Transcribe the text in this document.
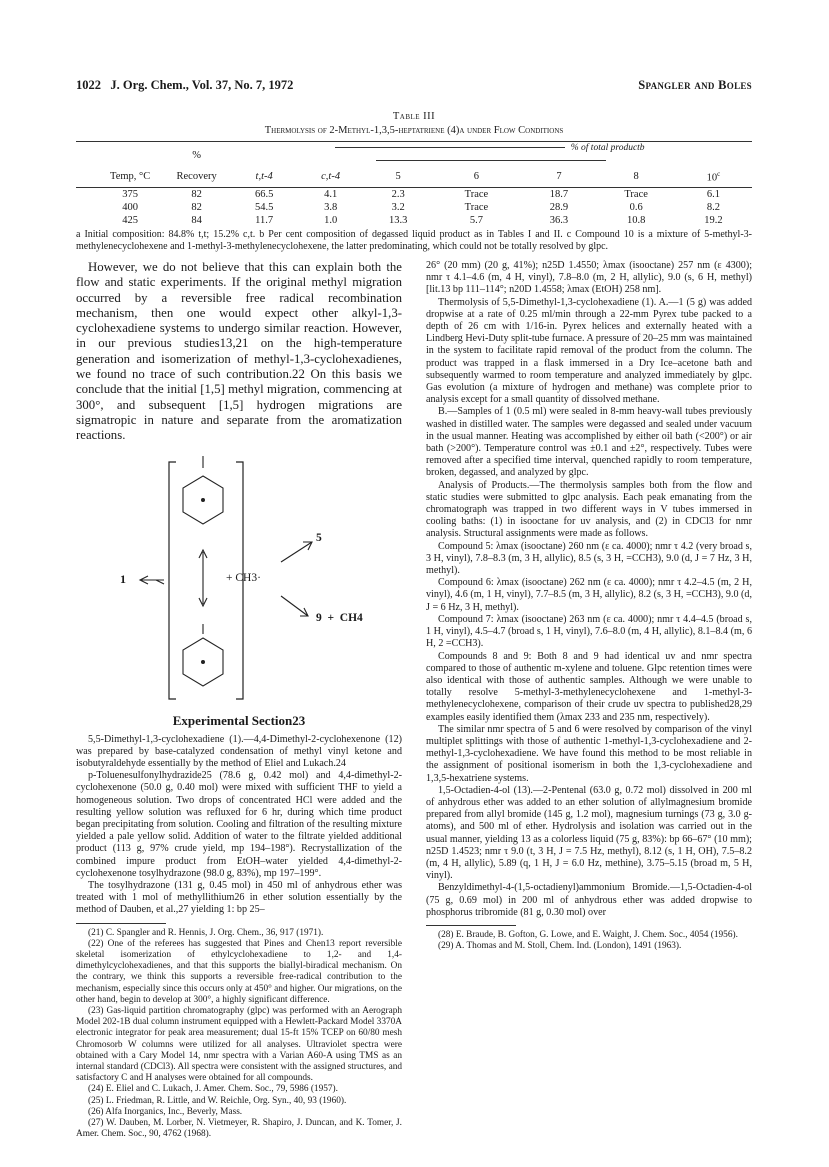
1022   J. Org. Chem., Vol. 37, No. 7, 1972	Spangler and Boles
Table III
Thermolysis of 2-Methyl-1,3,5-heptatriene (4)a under Flow Conditions
	%	% of total productb						
Temp, °C	Recovery	t,t-4	c,t-4	5	6	7	8	10$^c$

375	82	66.5	4.1	2.3	Trace	18.7	Trace	6.1
400	82	54.5	3.8	3.2	Trace	28.9	0.6	8.2
425	84	11.7	1.0	13.3	5.7	36.3	10.8	19.2
a Initial composition: 84.8% t,t; 15.2% c,t. b Per cent composition of degassed liquid product as in Tables I and II. c Compound 10 is a mixture of 5-methyl-3-methylenecyclohexene and 1-methyl-3-methylenecyclohexene, the latter predominating, which could not be totally resolved by glpc.

However, we do not believe that this can explain both the flow and static experiments. If the original methyl migration occurred by a reversible free radical recombination mechanism, then one would expect other alkyl-1,3-cyclohexadiene systems to undergo similar reaction. However, in our previous studies13,21 on the high-temperature generation and isomerization of methyl-1,3-cyclohexadienes, we found no trace of such contribution.22 On this basis we conclude that the initial [1,5] methyl migration, commencing at 300°, and subsequent [1,5] hydrogen migrations are sigmatropic in nature and separate from the aromatization reactions.

1	+ CH3·
5
9  +  CH4
Experimental Section23

5,5-Dimethyl-1,3-cyclohexadiene (1).—4,4-Dimethyl-2-cyclohexenone (12) was prepared by base-catalyzed condensation of methyl vinyl ketone and isobutyraldehyde essentially by the method of Eliel and Lukach.24

p-Toluenesulfonylhydrazide25 (78.6 g, 0.42 mol) and 4,4-dimethyl-2-cyclohexenone (50.0 g, 0.40 mol) were mixed with sufficient THF to yield a homogeneous solution. Two drops of concentrated HCl were added and the resulting yellow solution was refluxed for 6 hr, during which time product began precipitating from solution. Cooling and filtration of the resulting mixture yielded a pale yellow solid. Addition of water to the filtrate yielded additional product (113 g, 97% crude yield, mp 194–198°). Recrystallization of the combined impure product from EtOH–water yielded 4,4-dimethyl-2-cyclohexenone tosylhydrazone (98.0 g, 83%), mp 197–199°.

The tosylhydrazone (131 g, 0.45 mol) in 450 ml of anhydrous ether was treated with 1 mol of methyllithium26 in ether solution essentially by the method of Dauben, et al.,27 yielding 1: bp 25–

(21) C. Spangler and R. Hennis, J. Org. Chem., 36, 917 (1971).

(22) One of the referees has suggested that Pines and Chen13 report reversible skeletal isomerization of ethylcyclohexadiene to 1,2- and 1,4-dimethylcyclohexadienes, and that this supports the biallyl-biradical mechanism. On the contrary, we think this supports a reversible free-radical contribution to the mechanism, especially since this occurs only at 450° and higher. Our migrations, on the other hand, begin to develop at 300°, a highly significant difference.

(23) Gas-liquid partition chromatography (glpc) was performed with an Aerograph Model 202-1B dual column instrument equipped with a Hewlett-Packard Model 3370A electronic integrator for peak area measurement; dual 15-ft 15% TCEP on 60/80 mesh Chromosorb W columns were utilized for all analyses. Ultraviolet spectra were obtained with a Cary Model 14, nmr spectra with a Varian A60-A using TMS as an internal standard (CDCl3). All spectra were consistent with the assigned structures, and satisfactory C and H analyses were obtained for all compounds.

(24) E. Eliel and C. Lukach, J. Amer. Chem. Soc., 79, 5986 (1957).

(25) L. Friedman, R. Little, and W. Reichle, Org. Syn., 40, 93 (1960).

(26) Alfa Inorganics, Inc., Beverly, Mass.

(27) W. Dauben, M. Lorber, N. Vietmeyer, R. Shapiro, J. Duncan, and K. Tomer, J. Amer. Chem. Soc., 90, 4762 (1968).

26° (20 mm) (20 g, 41%); n25D 1.4550; λmax (isooctane) 257 nm (ε 4300); nmr τ 4.1–4.6 (m, 4 H, vinyl), 7.8–8.0 (m, 2 H, allylic), 9.0 (s, 6 H, methyl) [lit.13 bp 111–114°; n20D 1.4558; λmax (EtOH) 258 nm].

Thermolysis of 5,5-Dimethyl-1,3-cyclohexadiene (1). A.—1 (5 g) was added dropwise at a rate of 0.25 ml/min through a 22-mm Pyrex tube packed to a depth of 26 cm with 1/16-in. Pyrex helices and externally heated with a Lindberg Hevi-Duty split-tube furnace. A pressure of 20–25 mm was maintained in the system to facilitate rapid removal of the product from the column. The product was trapped in a flask immersed in a Dry Ice–acetone bath and subsequently warmed to room temperature and analyzed immediately by glpc. Gas evolution (a mixture of hydrogen and methane) was complete prior to analysis except for a small quantity of dissolved methane.

B.—Samples of 1 (0.5 ml) were sealed in 8-mm heavy-wall tubes previously washed in distilled water. The samples were degassed and sealed under vacuum in the usual manner. Heating was accomplished by either oil bath (<200°) or air bath (>200°). Temperature control was ±0.1 and ±2°, respectively. Tubes were removed after a specified time interval, quenched rapidly to room temperature, broken, degassed, and analyzed by glpc.

Analysis of Products.—The thermolysis samples both from the flow and static studies were submitted to glpc analysis. Each peak emanating from the chromatograph was trapped in two different ways in V tubes immersed in cooling baths: (1) in isooctane for uv analysis, and (2) in CDCl3 for nmr analysis. Structural assignments were made as follows.

Compound 5: λmax (isooctane) 260 nm (ε ca. 4000); nmr τ 4.2 (very broad s, 3 H, vinyl), 7.8–8.3 (m, 3 H, allylic), 8.5 (s, 3 H, =CCH3), 9.0 (d, J = 7 Hz, 3 H, methyl).

Compound 6: λmax (isooctane) 262 nm (ε ca. 4000); nmr τ 4.2–4.5 (m, 2 H, vinyl), 4.6 (m, 1 H, vinyl), 7.7–8.5 (m, 3 H, allylic), 8.2 (s, 3 H, =CCH3), 9.0 (d, J = 6 Hz, 3 H, methyl).

Compound 7: λmax (isooctane) 263 nm (ε ca. 4000); nmr τ 4.4–4.5 (broad s, 1 H, vinyl), 4.5–4.7 (broad s, 1 H, vinyl), 7.6–8.0 (m, 4 H, allylic), 8.1–8.4 (m, 6 H, 2 =CCH3).

Compounds 8 and 9: Both 8 and 9 had identical uv and nmr spectra compared to those of authentic m-xylene and toluene. Glpc retention times were also identical with those of authentic samples. Although we were unable to totally resolve 5-methyl-3-methylenecyclohexene and 1-methyl-3-methylenecyclohexene, comparison of their crude uv spectra to published28,29 examples easily identified them (λmax 233 and 235 nm, respectively).

The similar nmr spectra of 5 and 6 were resolved by comparison of the vinyl multiplet splittings with those of authentic 1-methyl-1,3-cyclohexadiene and 2-methyl-1,3-cyclohexadiene. We have found this method to be most reliable in the assignment of positional isomerism in both the 1,3-cyclohexadiene and 1,3,5-hexatriene systems.

1,5-Octadien-4-ol (13).—2-Pentenal (63.0 g, 0.72 mol) dissolved in 200 ml of anhydrous ether was added to an ether solution of allylmagnesium bromide prepared from allyl bromide (145 g, 1.2 mol), magnesium turnings (73 g, 3.0 g-atoms), and 500 ml of ether. Hydrolysis and isolation was carried out in the usual manner, yielding 13 as a colorless liquid (75 g, 83%): bp 66–67° (10 mm); n25D 1.4523; nmr τ 9.0 (t, 3 H, J = 7.5 Hz, methyl), 8.12 (s, 1 H, OH), 7.5–8.2 (m, 4 H, allylic), 5.89 (q, 1 H, J = 6.0 Hz, methine), 3.75–5.15 (broad m, 5 H, vinyl).

Benzyldimethyl-4-(1,5-octadienyl)ammonium Bromide.—1,5-Octadien-4-ol (75 g, 0.69 mol) in 200 ml of anhydrous ether was added dropwise to phosphorus tribromide (81 g, 0.30 mol) over

(28) E. Braude, B. Gofton, G. Lowe, and E. Waight, J. Chem. Soc., 4054 (1956).

(29) A. Thomas and M. Stoll, Chem. Ind. (London), 1491 (1963).
